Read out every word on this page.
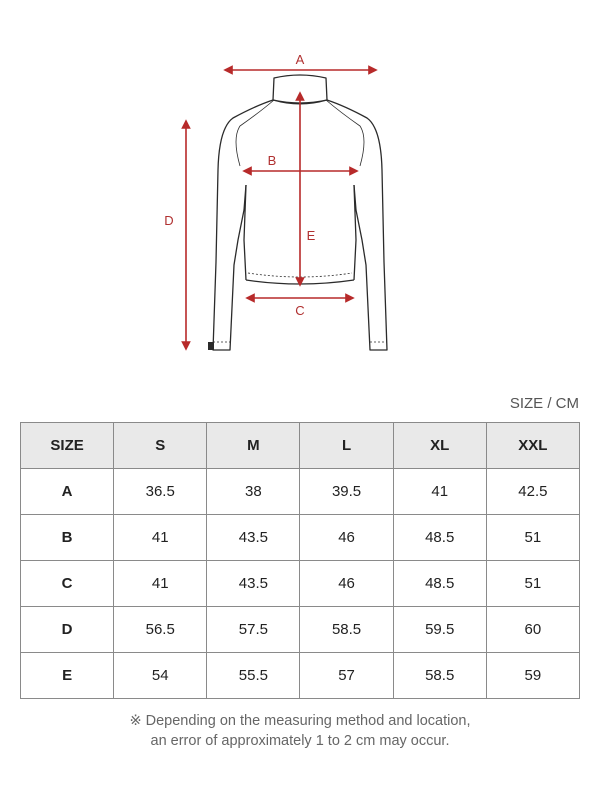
A
B
C
D
E
SIZE / CM
SIZE	S	M	L	XL	XXL
A	36.5	38	39.5	41	42.5
B	41	43.5	46	48.5	51
C	41	43.5	46	48.5	51
D	56.5	57.5	58.5	59.5	60
E	54	55.5	57	58.5	59
※ Depending on the measuring method and location,
an error of approximately 1 to 2 cm may occur.
